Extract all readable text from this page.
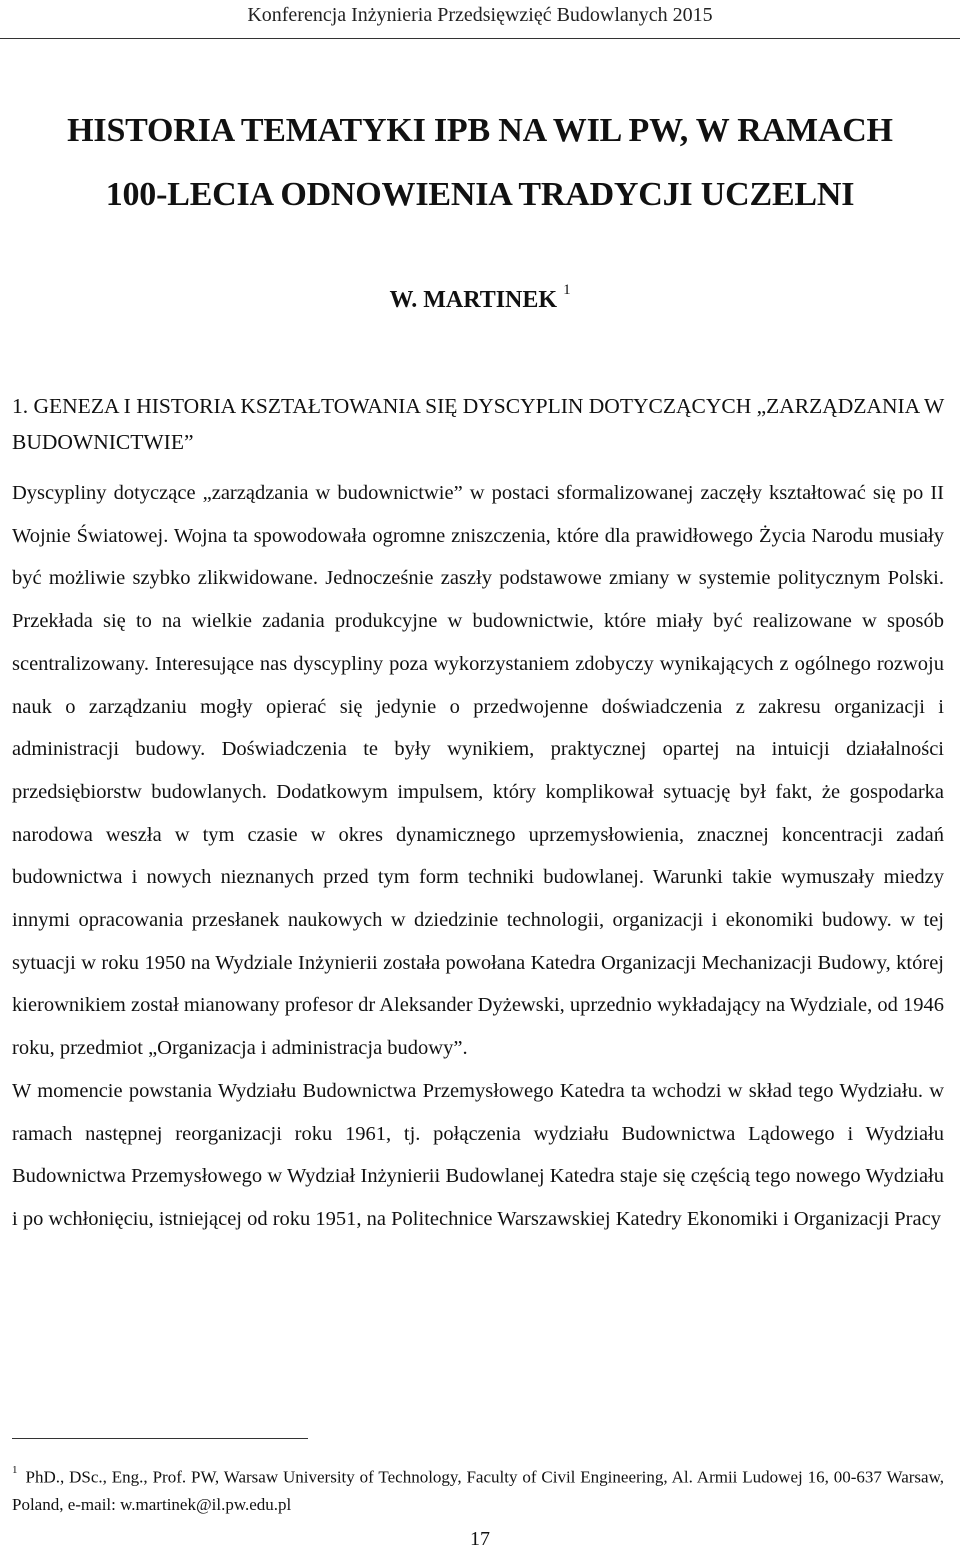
Konferencja Inżynieria Przedsięwzięć Budowlanych 2015
HISTORIA TEMATYKI IPB NA WIL PW, W RAMACH
100-LECIA ODNOWIENIA TRADYCJI UCZELNI
W. MARTINEK $^1$
1. GENEZA I HISTORIA KSZTAŁTOWANIA SIĘ DYSCYPLIN DOTYCZĄCYCH „ZARZĄDZANIA W BUDOWNICTWIE”

Dyscypliny dotyczące „zarządzania w budownictwie” w postaci sformalizowanej zaczęły kształtować się po II Wojnie Światowej. Wojna ta spowodowała ogromne zniszczenia, które dla prawidłowego Życia Narodu musiały być możliwie szybko zlikwidowane. Jednocześnie zaszły podstawowe zmiany w systemie politycznym Polski. Przekłada się to na wielkie zadania produkcyjne w budownictwie, które miały być realizowane w sposób scentralizowany. Interesujące nas dyscypliny poza wykorzystaniem zdobyczy wynikających z ogólnego rozwoju nauk o zarządzaniu mogły opierać się jedynie o przedwojenne doświadczenia z zakresu organizacji i administracji budowy. Doświadczenia te były wynikiem, praktycznej opartej na intuicji działalności przedsiębiorstw budowlanych. Dodatkowym impulsem, który komplikował sytuację był fakt, że gospodarka narodowa weszła w tym czasie w okres dynamicznego uprzemysłowienia, znacznej koncentracji zadań budownictwa i nowych nieznanych przed tym form techniki budowlanej. Warunki takie wymuszały miedzy innymi opracowania przesłanek naukowych w dziedzinie technologii, organizacji i ekonomiki budowy. w tej sytuacji w roku 1950 na Wydziale Inżynierii została powołana Katedra Organizacji Mechanizacji Budowy, której kierownikiem został mianowany profesor dr Aleksander Dyżewski, uprzednio wykładający na Wydziale, od 1946 roku, przedmiot „Organizacja i administracja budowy”.

W momencie powstania Wydziału Budownictwa Przemysłowego Katedra ta wchodzi w skład tego Wydziału. w ramach następnej reorganizacji roku 1961, tj. połączenia wydziału Budownictwa Lądowego i Wydziału Budownictwa Przemysłowego w Wydział Inżynierii Budowlanej Katedra staje się częścią tego nowego Wydziału i po wchłonięciu, istniejącej od roku 1951, na Politechnice Warszawskiej Katedry Ekonomiki i Organizacji Pracy

$^1$ PhD., DSc., Eng., Prof. PW, Warsaw University of Technology, Faculty of Civil Engineering, Al. Armii Ludowej 16, 00-637 Warsaw, Poland, e-mail: w.martinek@il.pw.edu.pl
17
